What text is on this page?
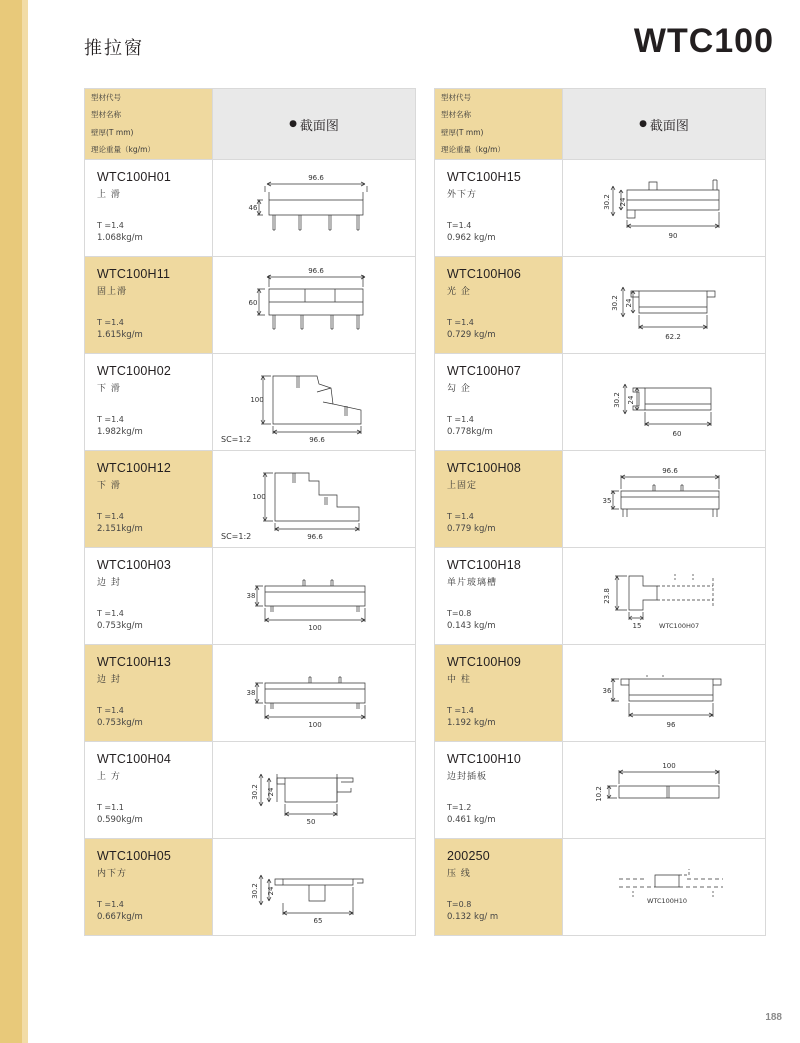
推拉窗	WTC100
型材代号
型材名称
壁厚(T mm)
理论重量（kg/m）
● 截面图
WTC100H01
上 滑
T =1.4
1.068kg/m
96.6
46
WTC100H11
固上滑
T =1.4
1.615kg/m
96.6
60
WTC100H02
下 滑
T =1.4
1.982kg/m
100
96.6
SC=1:2
WTC100H12
下 滑
T =1.4
2.151kg/m
100
96.6
SC=1:2
WTC100H03
边 封
T =1.4
0.753kg/m
38
100
WTC100H13
边 封
T =1.4
0.753kg/m
38
100
WTC100H04
上 方
T =1.1
0.590kg/m
30.2 24
50
WTC100H05
内下方
T =1.4
0.667kg/m
30.2 24
65
型材代号
型材名称
壁厚(T mm)
理论重量（kg/m）
● 截面图
WTC100H15
外下方
T=1.4
0.962 kg/m
30.2 24
90
WTC100H06
光 企
T =1.4
0.729 kg/m
30.2 24
62.2
WTC100H07
勾 企
T =1.4
0.778kg/m
30.2 24
60
WTC100H08
上固定
T =1.4
0.779 kg/m
96.6
35
WTC100H18
单片玻璃槽
T=0.8
0.143 kg/m
23.8
15	WTC100H07
WTC100H09
中 柱
T =1.4
1.192 kg/m
36
96
WTC100H10
边封插板
T=1.2
0.461 kg/m
100
10.2
200250
压 线
T=0.8
0.132 kg/ m
WTC100H10
188
